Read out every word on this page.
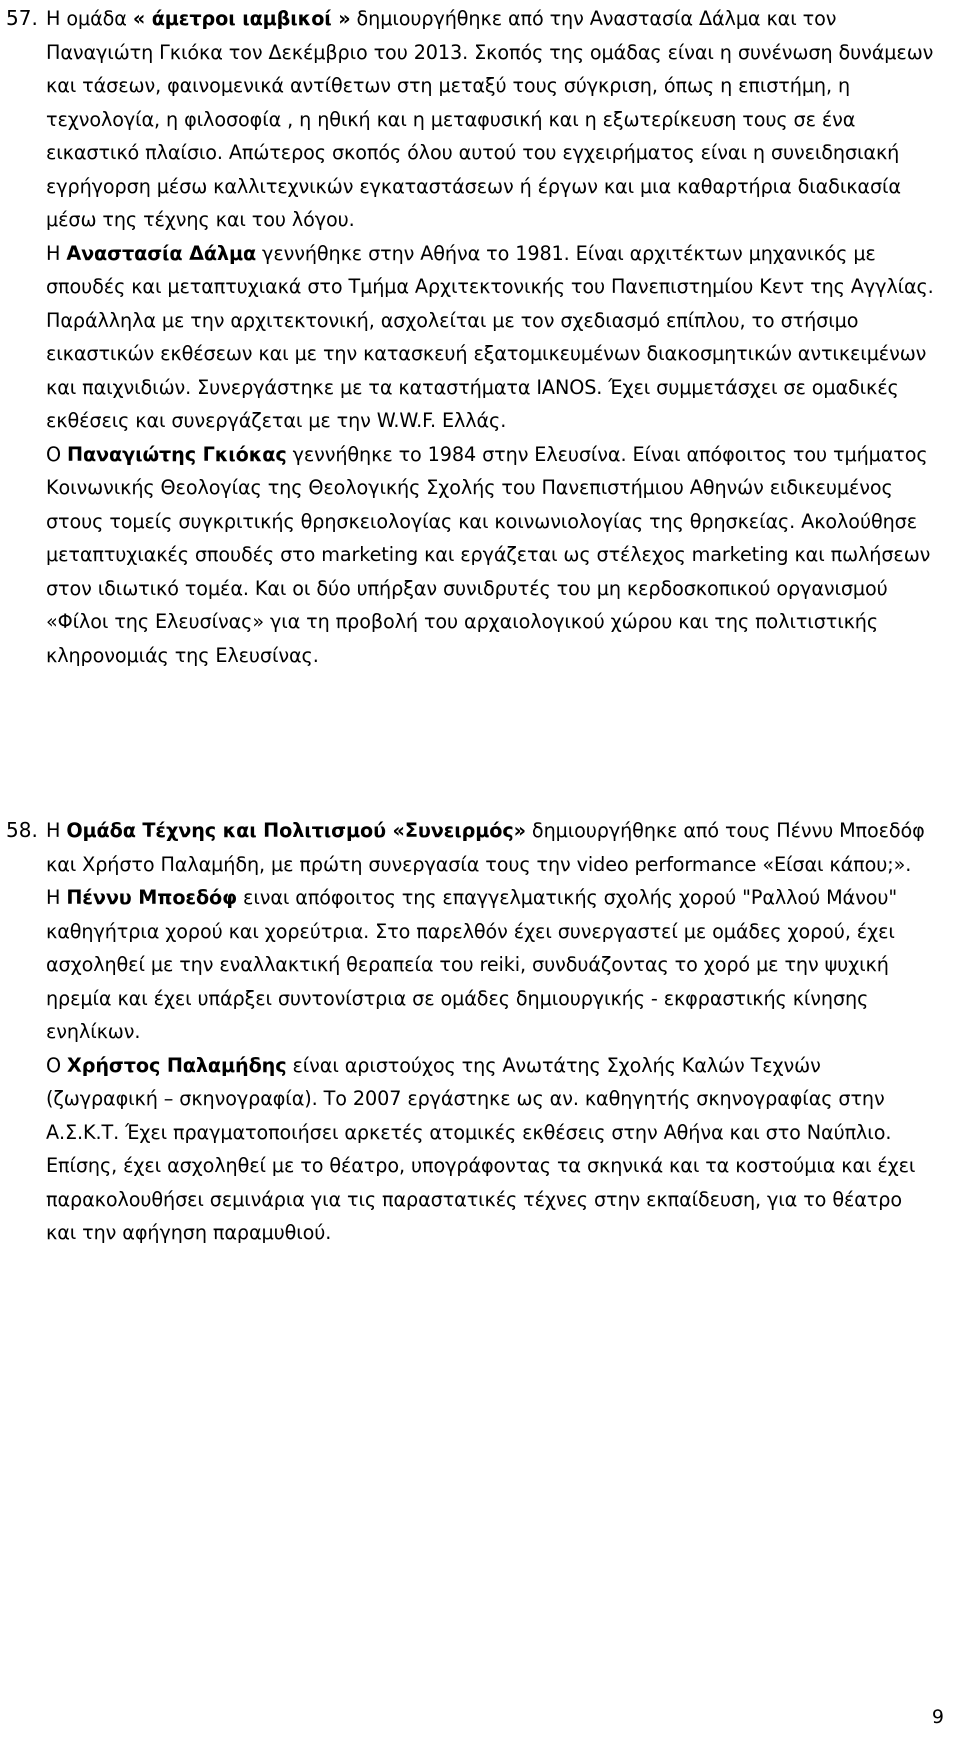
57. Η ομάδα « άμετροι ιαμβικοί » δημιουργήθηκε από την Αναστασία Δάλμα και τον Παναγιώτη Γκιόκα τον Δεκέμβριο του 2013. Σκοπός της ομάδας είναι η συνένωση δυνάμεων και τάσεων, φαινομενικά αντίθετων στη μεταξύ τους σύγκριση, όπως η επιστήμη, η τεχνολογία, η φιλοσοφία , η ηθική και η μεταφυσική και η εξωτερίκευση τους σε ένα εικαστικό πλαίσιο. Απώτερος σκοπός όλου αυτού του εγχειρήματος είναι η συνειδησιακή εγρήγορση μέσω καλλιτεχνικών εγκαταστάσεων ή έργων και μια καθαρτήρια διαδικασία μέσω της τέχνης και του λόγου.

Η Αναστασία Δάλμα γεννήθηκε στην Αθήνα το 1981. Είναι αρχιτέκτων μηχανικός με σπουδές και μεταπτυχιακά στο Τμήμα Αρχιτεκτονικής του Πανεπιστημίου Κεντ της Αγγλίας. Παράλληλα με την αρχιτεκτονική, ασχολείται με τον σχεδιασμό επίπλου, το στήσιμο εικαστικών εκθέσεων και με την κατασκευή εξατομικευμένων διακοσμητικών αντικειμένων και παιχνιδιών. Συνεργάστηκε με τα καταστήματα IANOS. Έχει συμμετάσχει σε ομαδικές εκθέσεις και συνεργάζεται με την W.W.F. Ελλάς.

Ο Παναγιώτης Γκιόκας γεννήθηκε το 1984 στην Ελευσίνα. Είναι απόφοιτος του τμήματος Κοινωνικής Θεολογίας της Θεολογικής Σχολής του Πανεπιστήμιου Αθηνών ειδικευμένος στους τομείς συγκριτικής θρησκειολογίας και κοινωνιολογίας της θρησκείας. Ακολούθησε μεταπτυχιακές σπουδές στο marketing και εργάζεται ως στέλεχος marketing και πωλήσεων στον ιδιωτικό τομέα. Και οι δύο υπήρξαν συνιδρυτές του μη κερδοσκοπικού οργανισμού «Φίλοι της Ελευσίνας» για τη προβολή του αρχαιολογικού χώρου και της πολιτιστικής κληρονομιάς της Ελευσίνας.

58. Η Ομάδα Τέχνης και Πολιτισμού «Συνειρμός» δημιουργήθηκε από τους Πέννυ Μποεδόφ και Χρήστο Παλαμήδη, με πρώτη συνεργασία τους την video performance «Είσαι κάπου;».

Η Πέννυ Μποεδόφ ειναι απόφοιτος της επαγγελματικής σχολής χορού "Ραλλού Μάνου" καθηγήτρια χορού και χορεύτρια. Στο παρελθόν έχει συνεργαστεί με ομάδες χορού, έχει ασχοληθεί με την εναλλακτική θεραπεία του reiki, συνδυάζοντας το χορό με την ψυχική ηρεμία και έχει υπάρξει συντονίστρια σε ομάδες δημιουργικής - εκφραστικής κίνησης ενηλίκων.

Ο Χρήστος Παλαμήδης είναι αριστούχος της Ανωτάτης Σχολής Καλών Τεχνών (ζωγραφική – σκηνογραφία). Το 2007 εργάστηκε ως αν. καθηγητής σκηνογραφίας στην Α.Σ.Κ.Τ. Έχει πραγματοποιήσει αρκετές ατομικές εκθέσεις στην Αθήνα και στο Ναύπλιο. Επίσης, έχει ασχοληθεί με το θέατρο, υπογράφοντας τα σκηνικά και τα κοστούμια και έχει παρακολουθήσει σεμινάρια για τις παραστατικές τέχνες στην εκπαίδευση, για το θέατρο και την αφήγηση παραμυθιού.

9
